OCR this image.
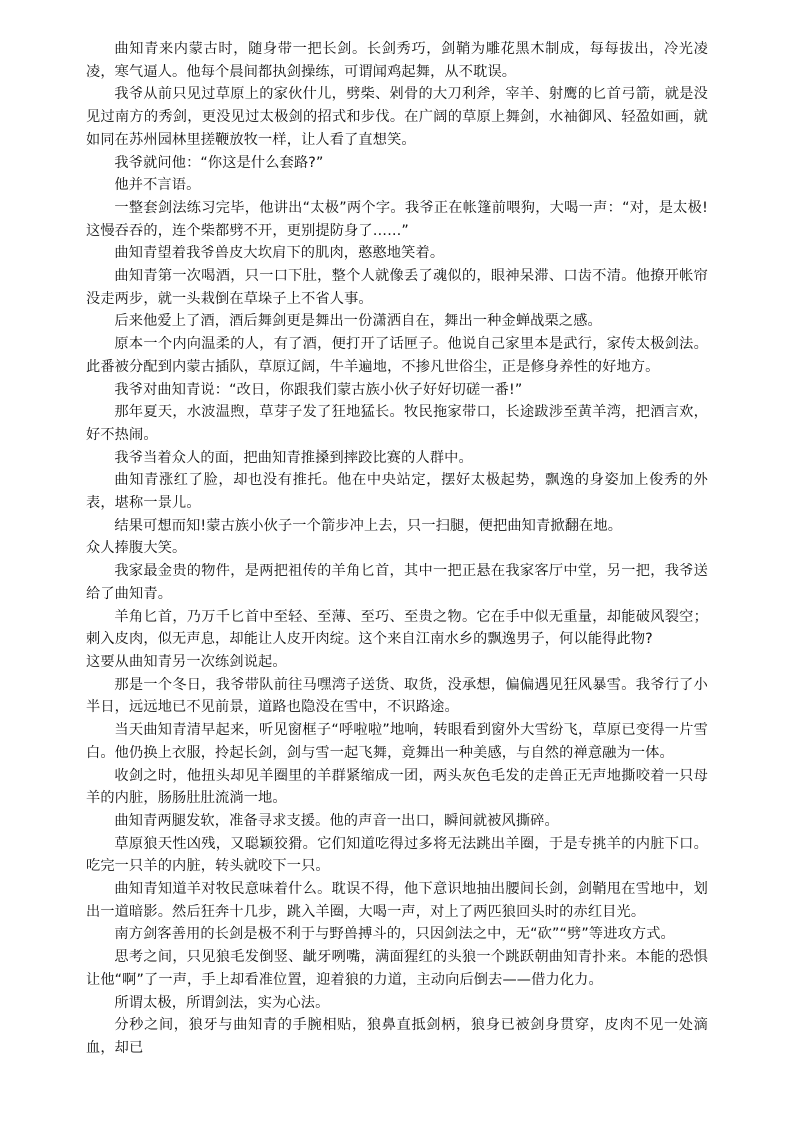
曲知青来内蒙古时，随身带一把长剑。长剑秀巧，剑鞘为雕花黑木制成，每每拔出，冷光凌凌，寒气逼人。他每个晨间都执剑操练，可谓闻鸡起舞，从不耽误。

我爷从前只见过草原上的家伙什儿，劈柴、剁骨的大刀利斧，宰羊、射鹰的匕首弓箭，就是没见过南方的秀剑，更没见过太极剑的招式和步伐。在广阔的草原上舞剑，水袖御风、轻盈如画，就如同在苏州园林里搓鞭放牧一样，让人看了直想笑。

我爷就问他：“你这是什么套路?”

他并不言语。

一整套剑法练习完毕，他讲出“太极”两个字。我爷正在帐篷前喂狗，大喝一声：“对，是太极!这慢吞吞的，连个柴都劈不开，更别提防身了……”

曲知青望着我爷兽皮大坎肩下的肌肉，憨憨地笑着。

曲知青第一次喝酒，只一口下肚，整个人就像丢了魂似的，眼神呆滞、口齿不清。他撩开帐帘没走两步，就一头栽倒在草垛子上不省人事。

后来他爱上了酒，酒后舞剑更是舞出一份潇洒自在，舞出一种金蝉战栗之感。

原本一个内向温柔的人，有了酒，便打开了话匣子。他说自己家里本是武行，家传太极剑法。此番被分配到内蒙古插队，草原辽阔，牛羊遍地，不掺凡世俗尘，正是修身养性的好地方。

我爷对曲知青说：“改日，你跟我们蒙古族小伙子好好切磋一番!”

那年夏天，水波温煦，草芽子发了狂地猛长。牧民拖家带口，长途跋涉至黄羊湾，把酒言欢，好不热闹。

我爷当着众人的面，把曲知青推搡到摔跤比赛的人群中。

曲知青涨红了脸，却也没有推托。他在中央站定，摆好太极起势，飘逸的身姿加上俊秀的外表，堪称一景儿。

结果可想而知!蒙古族小伙子一个箭步冲上去，只一扫腿，便把曲知青掀翻在地。

众人捧腹大笑。

我家最金贵的物件，是两把祖传的羊角匕首，其中一把正悬在我家客厅中堂，另一把，我爷送给了曲知青。

羊角匕首，乃万千匕首中至轻、至薄、至巧、至贵之物。它在手中似无重量，却能破风裂空；刺入皮肉，似无声息，却能让人皮开肉绽。这个来自江南水乡的飘逸男子，何以能得此物?

这要从曲知青另一次练剑说起。

那是一个冬日，我爷带队前往马嘿湾子送货、取货，没承想，偏偏遇见狂风暴雪。我爷行了小半日，远远地已不见前景，道路也隐没在雪中，不识路途。

当天曲知青清早起来，听见窗框子“呼啦啦”地响，转眼看到窗外大雪纷飞，草原已变得一片雪白。他仍换上衣服，拎起长剑，剑与雪一起飞舞，竟舞出一种美感，与自然的禅意融为一体。

收剑之时，他扭头却见羊圈里的羊群紧缩成一团，两头灰色毛发的走兽正无声地撕咬着一只母羊的内脏，肠肠肚肚流淌一地。

曲知青两腿发软，准备寻求支援。他的声音一出口，瞬间就被风撕碎。

草原狼天性凶残，又聪颖狡猾。它们知道吃得过多将无法跳出羊圈，于是专挑羊的内脏下口。吃完一只羊的内脏，转头就咬下一只。

曲知青知道羊对牧民意味着什么。耽误不得，他下意识地抽出腰间长剑，剑鞘甩在雪地中，划出一道暗影。然后狂奔十几步，跳入羊圈，大喝一声，对上了两匹狼回头时的赤红目光。

南方剑客善用的长剑是极不利于与野兽搏斗的，只因剑法之中，无“砍”“劈”等进攻方式。

思考之间，只见狼毛发倒竖、龇牙咧嘴，满面猩红的头狼一个跳跃朝曲知青扑来。本能的恐惧让他“啊”了一声，手上却看准位置，迎着狼的力道，主动向后倒去——借力化力。

所谓太极，所谓剑法，实为心法。

分秒之间，狼牙与曲知青的手腕相贴，狼鼻直抵剑柄，狼身已被剑身贯穿，皮肉不见一处滴血，却已
